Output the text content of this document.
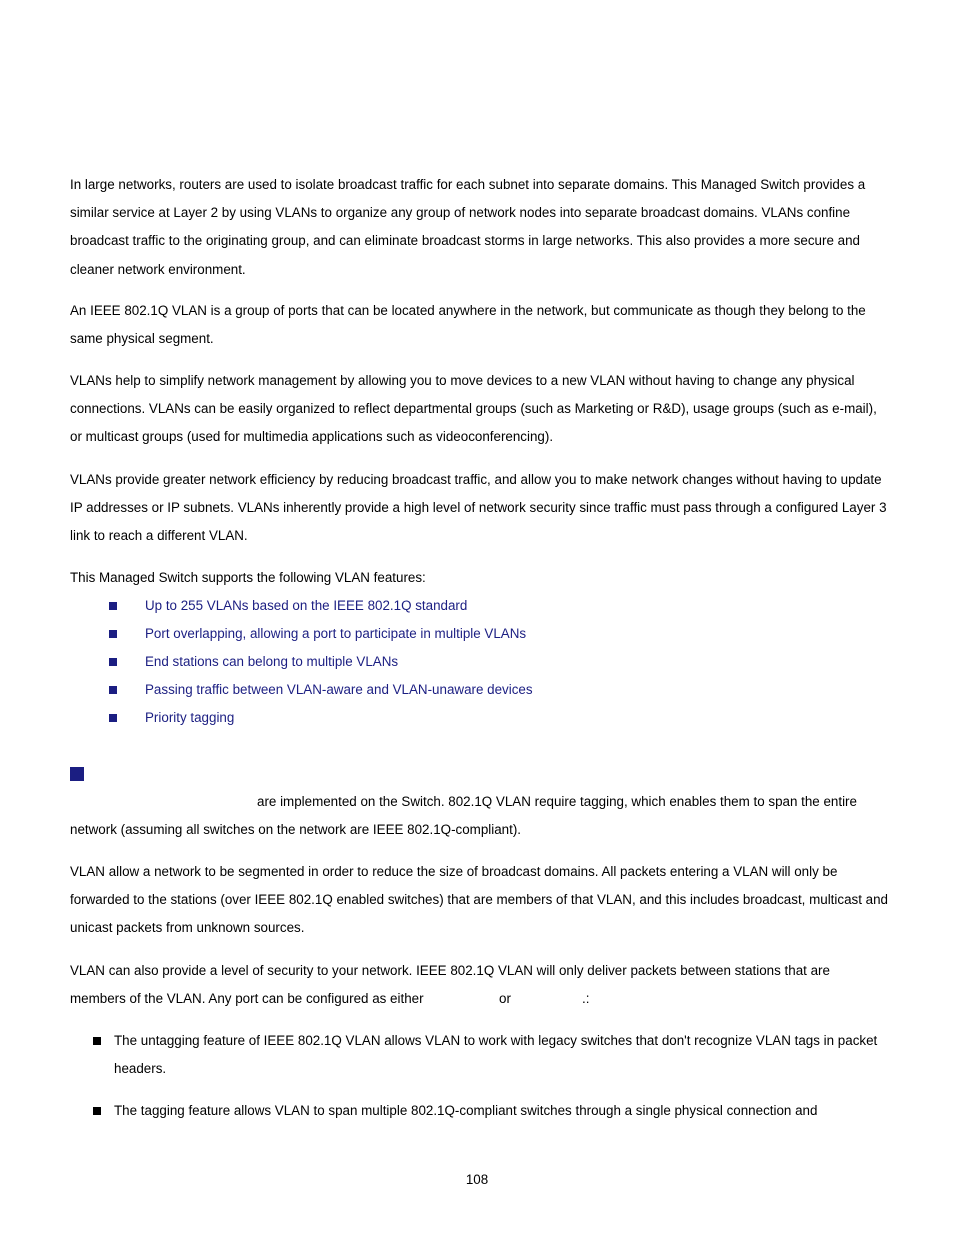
In large networks, routers are used to isolate broadcast traffic for each subnet into separate domains. This Managed Switch provides a similar service at Layer 2 by using VLANs to organize any group of network nodes into separate broadcast domains. VLANs confine broadcast traffic to the originating group, and can eliminate broadcast storms in large networks. This also provides a more secure and cleaner network environment.

An IEEE 802.1Q VLAN is a group of ports that can be located anywhere in the network, but communicate as though they belong to the same physical segment.

VLANs help to simplify network management by allowing you to move devices to a new VLAN without having to change any physical connections. VLANs can be easily organized to reflect departmental groups (such as Marketing or R&D), usage groups (such as e-mail), or multicast groups (used for multimedia applications such as videoconferencing).

VLANs provide greater network efficiency by reducing broadcast traffic, and allow you to make network changes without having to update IP addresses or IP subnets. VLANs inherently provide a high level of network security since traffic must pass through a configured Layer 3 link to reach a different VLAN.

This Managed Switch supports the following VLAN features:

Up to 255 VLANs based on the IEEE 802.1Q standard
Port overlapping, allowing a port to participate in multiple VLANs
End stations can belong to multiple VLANs
Passing traffic between VLAN-aware and VLAN-unaware devices
Priority tagging
are implemented on the Switch. 802.1Q VLAN require tagging, which enables them to span the entire
network (assuming all switches on the network are IEEE 802.1Q-compliant).

VLAN allow a network to be segmented in order to reduce the size of broadcast domains. All packets entering a VLAN will only be forwarded to the stations (over IEEE 802.1Q enabled switches) that are members of that VLAN, and this includes broadcast, multicast and unicast packets from unknown sources.

VLAN can also provide a level of security to your network. IEEE 802.1Q VLAN will only deliver packets between stations that are
members of the VLAN. Any port can be configured as either	or	.:
The untagging feature of IEEE 802.1Q VLAN allows VLAN to work with legacy switches that don't recognize VLAN tags in packet headers.
The tagging feature allows VLAN to span multiple 802.1Q-compliant switches through a single physical connection and
108
